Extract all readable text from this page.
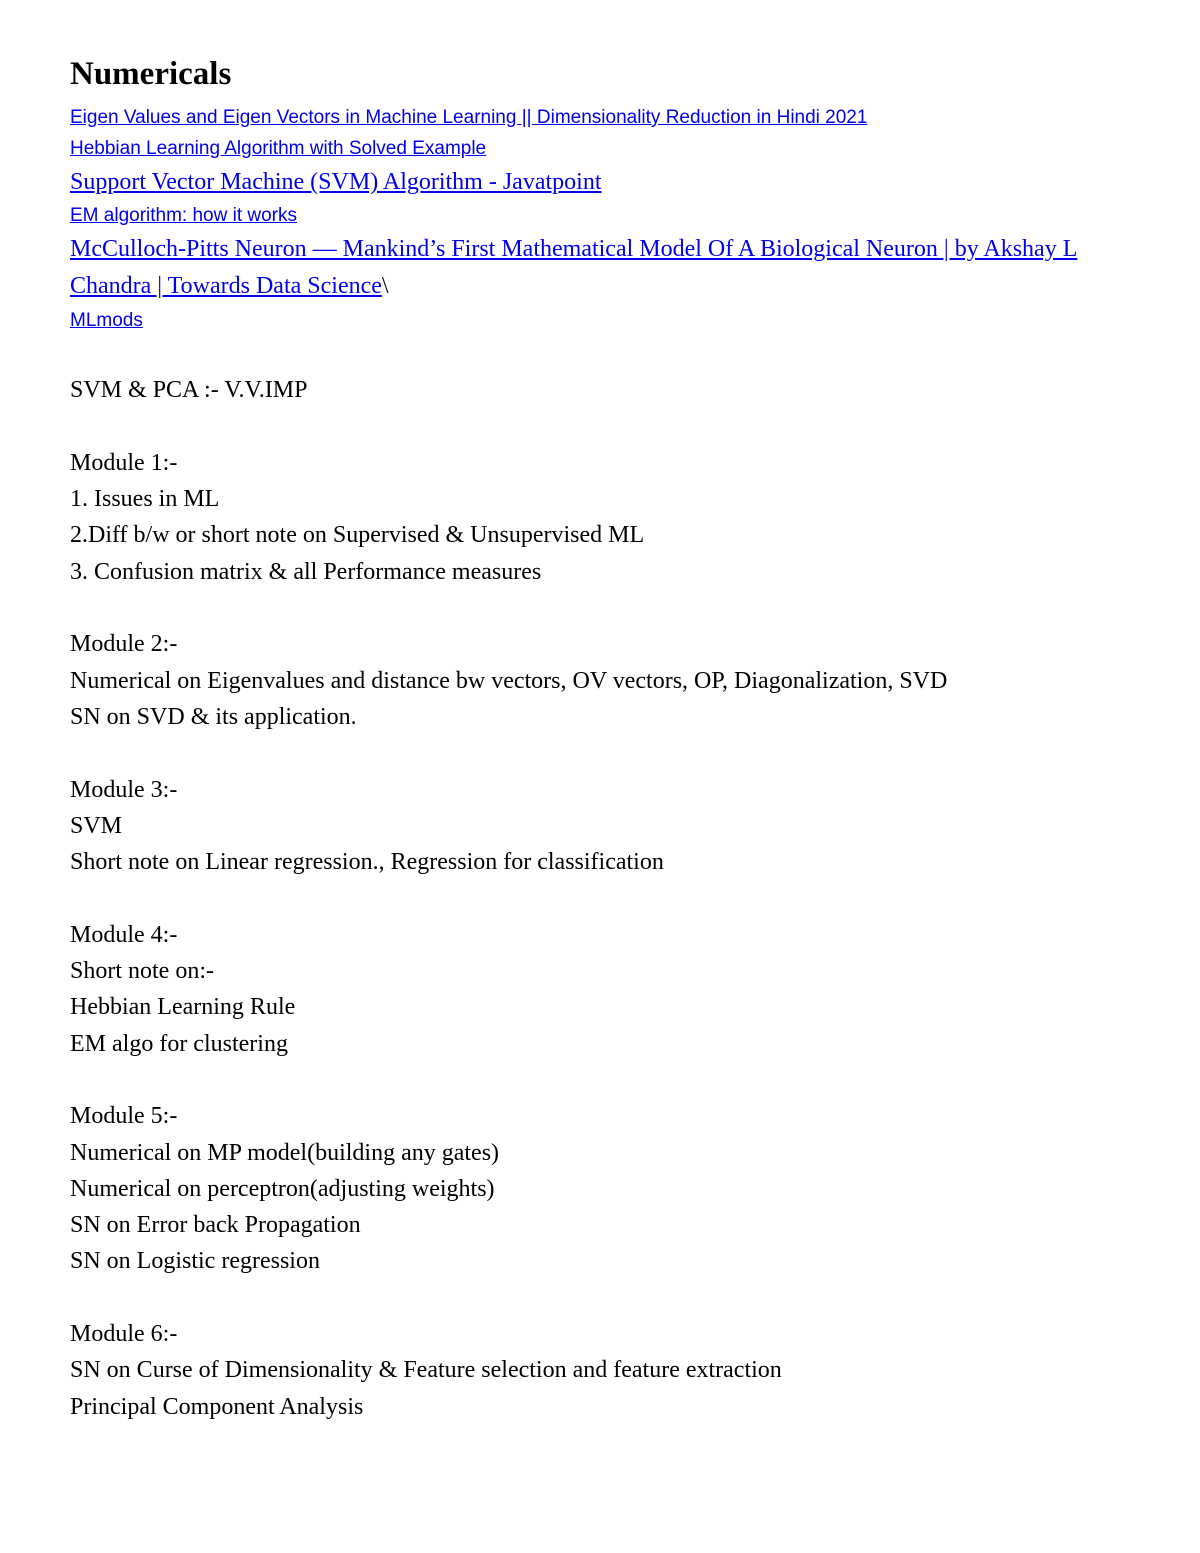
Numericals
Eigen Values and Eigen Vectors in Machine Learning || Dimensionality Reduction in Hindi 2021
Hebbian Learning Algorithm with Solved Example
Support Vector Machine (SVM) Algorithm - Javatpoint
EM algorithm: how it works
McCulloch-Pitts Neuron — Mankind’s First Mathematical Model Of A Biological Neuron | by Akshay L Chandra | Towards Data Science\
MLmods
SVM & PCA :- V.V.IMP
Module 1:-
1. Issues in ML
2.Diff b/w or short note on Supervised & Unsupervised ML
3. Confusion matrix & all Performance measures
Module 2:-
Numerical on Eigenvalues and distance bw vectors, OV vectors, OP, Diagonalization, SVD
SN on SVD & its application.
Module 3:-
SVM
Short note on Linear regression., Regression for classification
Module 4:-
Short note on:-
Hebbian Learning Rule
EM algo for clustering
Module 5:-
Numerical on MP model(building any gates)
Numerical on perceptron(adjusting weights)
SN on Error back Propagation
SN on Logistic regression
Module 6:-
SN on Curse of Dimensionality & Feature selection and feature extraction
Principal Component Analysis
